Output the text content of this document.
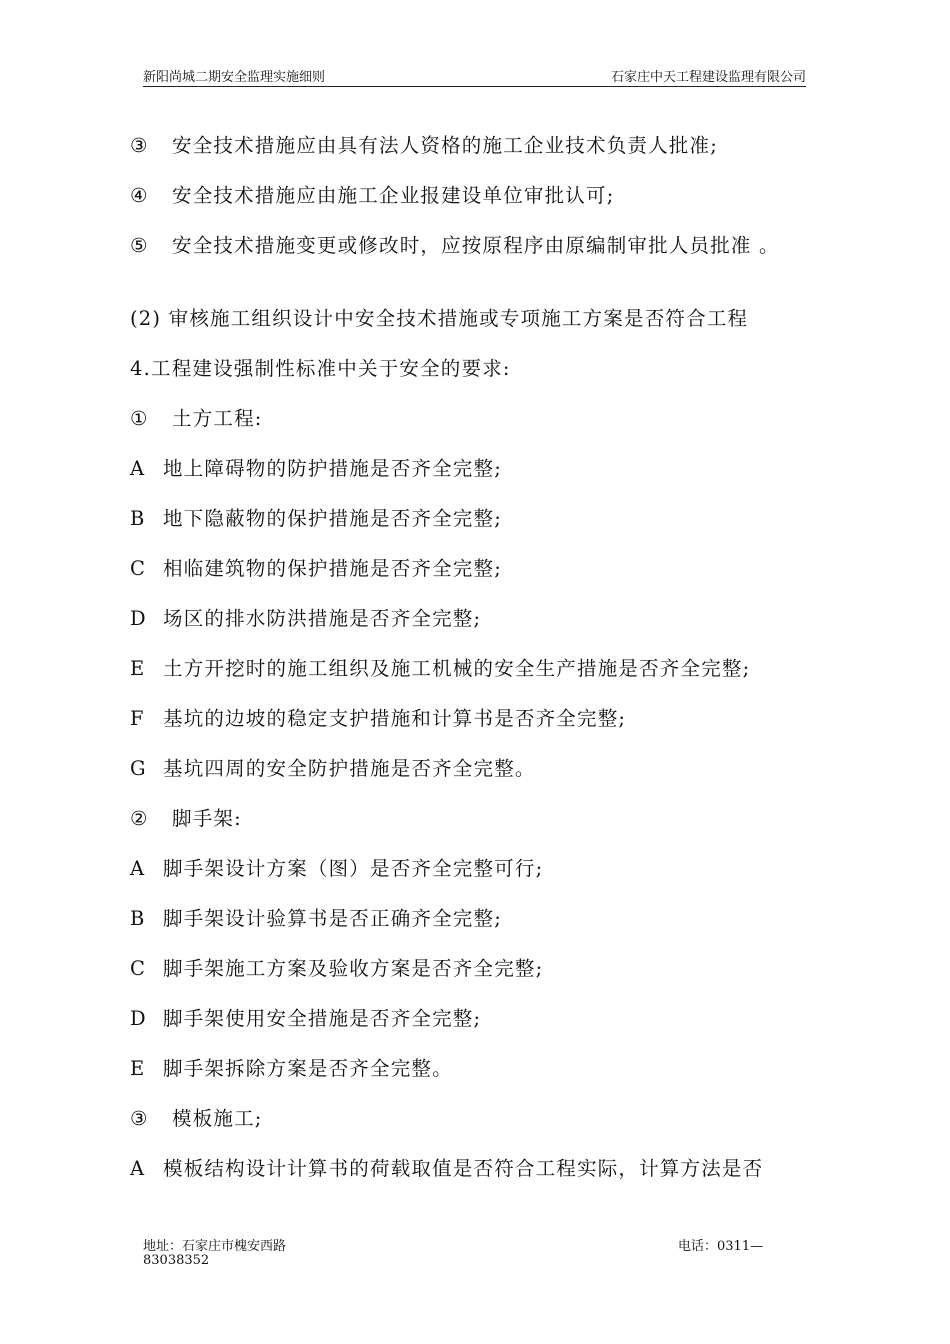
新阳尚城二期安全监理实施细则	石家庄中天工程建设监理有限公司
③ 安全技术措施应由具有法人资格的施工企业技术负责人批准;
④ 安全技术措施应由施工企业报建设单位审批认可;
⑤ 安全技术措施变更或修改时，应按原程序由原编制审批人员批准 。
(2) 审核施工组织设计中安全技术措施或专项施工方案是否符合工程
4.工程建设强制性标准中关于安全的要求:
① 土方工程:
A 地上障碍物的防护措施是否齐全完整;
B 地下隐蔽物的保护措施是否齐全完整;
C 相临建筑物的保护措施是否齐全完整;
D 场区的排水防洪措施是否齐全完整;
E 土方开挖时的施工组织及施工机械的安全生产措施是否齐全完整;
F 基坑的边坡的稳定支护措施和计算书是否齐全完整;
G 基坑四周的安全防护措施是否齐全完整。
② 脚手架:
A 脚手架设计方案（图）是否齐全完整可行;
B 脚手架设计验算书是否正确齐全完整;
C 脚手架施工方案及验收方案是否齐全完整;
D 脚手架使用安全措施是否齐全完整;
E 脚手架拆除方案是否齐全完整。
③ 模板施工;
A 模板结构设计计算书的荷载取值是否符合工程实际，计算方法是否
地址：石家庄市槐安西路
83038352
电话：0311—
